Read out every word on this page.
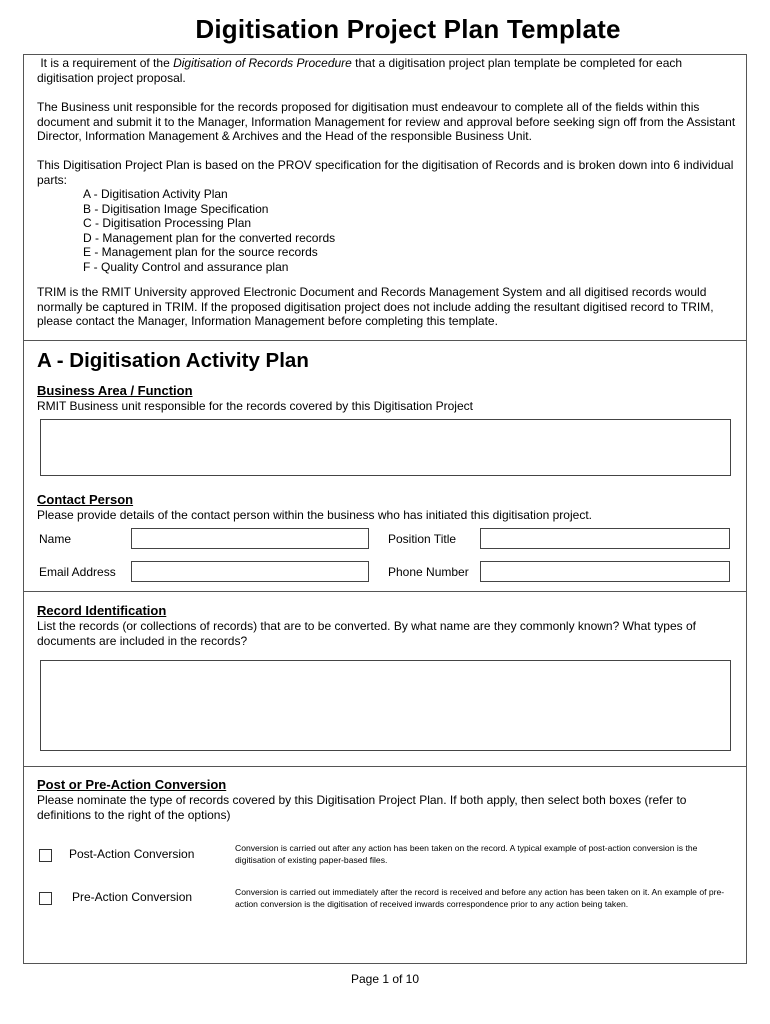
Digitisation Project Plan Template

It is a requirement of the Digitisation of Records Procedure that a digitisation project plan template be completed for each digitisation project proposal.

The Business unit responsible for the records proposed for digitisation must endeavour to complete all of the fields within this document and submit it to the Manager, Information Management for review and approval before seeking sign off from the Assistant Director, Information Management & Archives and the Head of the responsible Business Unit.

This Digitisation Project Plan is based on the PROV specification for the digitisation of Records and is broken down into 6 individual parts:

A - Digitisation Activity Plan
B - Digitisation Image Specification
C - Digitisation Processing Plan
D - Management plan for the converted records
E - Management plan for the source records
F - Quality Control and assurance plan

TRIM is the RMIT University approved Electronic Document and Records Management System and all digitised records would normally be captured in TRIM. If the proposed digitisation project does not include adding the resultant digitised record to TRIM, please contact the Manager, Information Management before completing this template.

A - Digitisation Activity Plan
Business Area / Function
RMIT Business unit responsible for the records covered by this Digitisation Project
Contact Person
Please provide details of the contact person within the business who has initiated this digitisation project.
Name	Position Title
Email Address	Phone Number
Record Identification

List the records (or collections of records) that are to be converted. By what name are they commonly known? What types of documents are included in the records?

Post or Pre-Action Conversion

Please nominate the type of records covered by this Digitisation Project Plan. If both apply, then select both boxes (refer to definitions to the right of the options)

Post-Action Conversion	Conversion is carried out after any action has been taken on the record. A typical example of post-action conversion is the digitisation of existing paper-based files.
Pre-Action Conversion	Conversion is carried out immediately after the record is received and before any action has been taken on it. An example of pre-action conversion is the digitisation of received inwards correspondence prior to any action being taken.
Page 1 of 10
